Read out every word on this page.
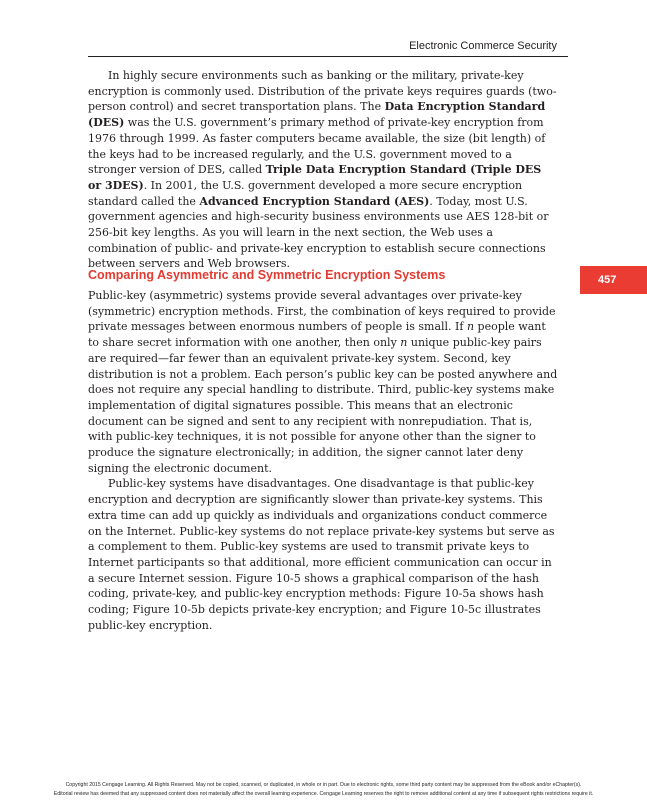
Electronic Commerce Security

In highly secure environments such as banking or the military, private-key encryption is commonly used. Distribution of the private keys requires guards (two-person control) and secret transportation plans. The Data Encryption Standard (DES) was the U.S. government’s primary method of private-key encryption from 1976 through 1999. As faster computers became available, the size (bit length) of the keys had to be increased regularly, and the U.S. government moved to a stronger version of DES, called Triple Data Encryption Standard (Triple DES or 3DES). In 2001, the U.S. government developed a more secure encryption standard called the Advanced Encryption Standard (AES). Today, most U.S. government agencies and high-security business environments use AES 128-bit or 256-bit key lengths. As you will learn in the next section, the Web uses a combination of public- and private-key encryption to establish secure connections between servers and Web browsers.

Comparing Asymmetric and Symmetric Encryption Systems	457

Public-key (asymmetric) systems provide several advantages over private-key (symmetric) encryption methods. First, the combination of keys required to provide private messages between enormous numbers of people is small. If n people want to share secret information with one another, then only n unique public-key pairs are required—far fewer than an equivalent private-key system. Second, key distribution is not a problem. Each person’s public key can be posted anywhere and does not require any special handling to distribute. Third, public-key systems make implementation of digital signatures possible. This means that an electronic document can be signed and sent to any recipient with nonrepudiation. That is, with public-key techniques, it is not possible for anyone other than the signer to produce the signature electronically; in addition, the signer cannot later deny signing the electronic document.

Public-key systems have disadvantages. One disadvantage is that public-key encryption and decryption are significantly slower than private-key systems. This extra time can add up quickly as individuals and organizations conduct commerce on the Internet. Public-key systems do not replace private-key systems but serve as a complement to them. Public-key systems are used to transmit private keys to Internet participants so that additional, more efficient communication can occur in a secure Internet session. Figure 10-5 shows a graphical comparison of the hash coding, private-key, and public-key encryption methods: Figure 10-5a shows hash coding; Figure 10-5b depicts private-key encryption; and Figure 10-5c illustrates public-key encryption.

Copyright 2015 Cengage Learning. All Rights Reserved. May not be copied, scanned, or duplicated, in whole or in part. Due to electronic rights, some third party content may be suppressed from the eBook and/or eChapter(s).
Editorial review has deemed that any suppressed content does not materially affect the overall learning experience. Cengage Learning reserves the right to remove additional content at any time if subsequent rights restrictions require it.
